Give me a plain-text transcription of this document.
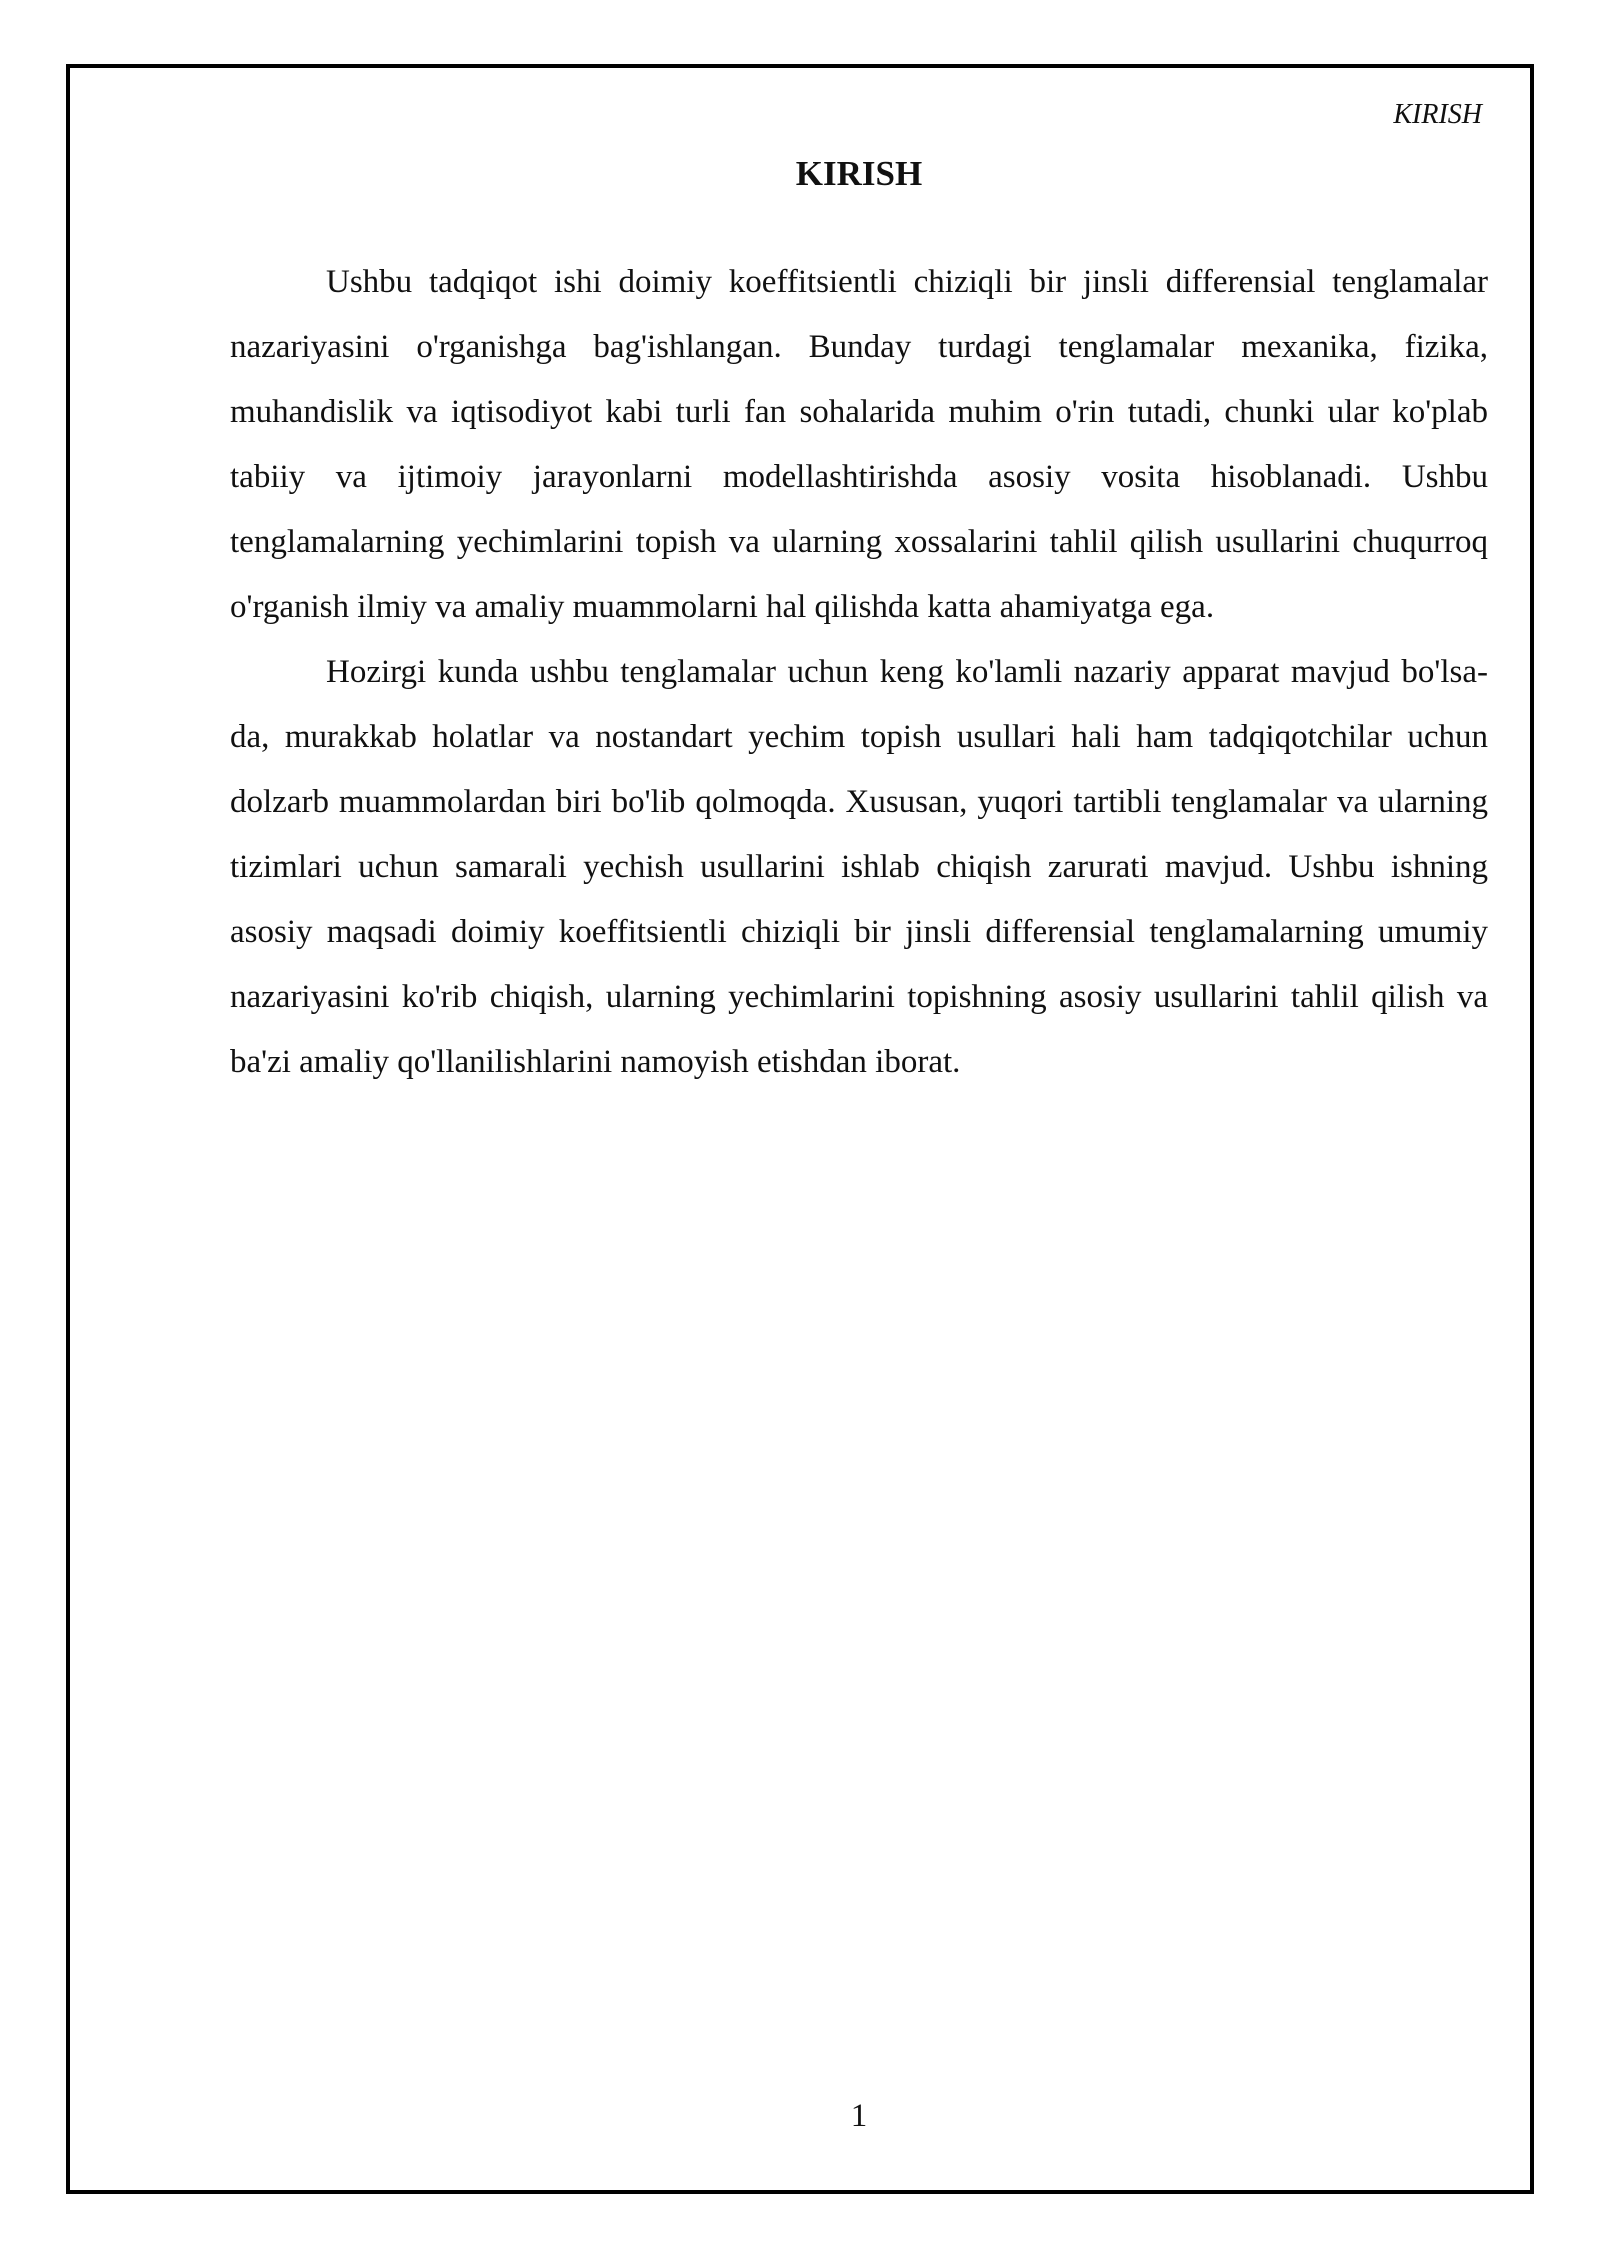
KIRISH
KIRISH

Ushbu tadqiqot ishi doimiy koeffitsientli chiziqli bir jinsli differensial tenglamalar nazariyasini o'rganishga bag'ishlangan. Bunday turdagi tenglamalar mexanika, fizika, muhandislik va iqtisodiyot kabi turli fan sohalarida muhim o'rin tutadi, chunki ular ko'plab tabiiy va ijtimoiy jarayonlarni modellashtirishda asosiy vosita hisoblanadi. Ushbu tenglamalarning yechimlarini topish va ularning xossalarini tahlil qilish usullarini chuqurroq o'rganish ilmiy va amaliy muammolarni hal qilishda katta ahamiyatga ega.

Hozirgi kunda ushbu tenglamalar uchun keng ko'lamli nazariy apparat mavjud bo'lsa-da, murakkab holatlar va nostandart yechim topish usullari hali ham tadqiqotchilar uchun dolzarb muammolardan biri bo'lib qolmoqda. Xususan, yuqori tartibli tenglamalar va ularning tizimlari uchun samarali yechish usullarini ishlab chiqish zarurati mavjud. Ushbu ishning asosiy maqsadi doimiy koeffitsientli chiziqli bir jinsli differensial tenglamalarning umumiy nazariyasini ko'rib chiqish, ularning yechimlarini topishning asosiy usullarini tahlil qilish va ba'zi amaliy qo'llanilishlarini namoyish etishdan iborat.

1
